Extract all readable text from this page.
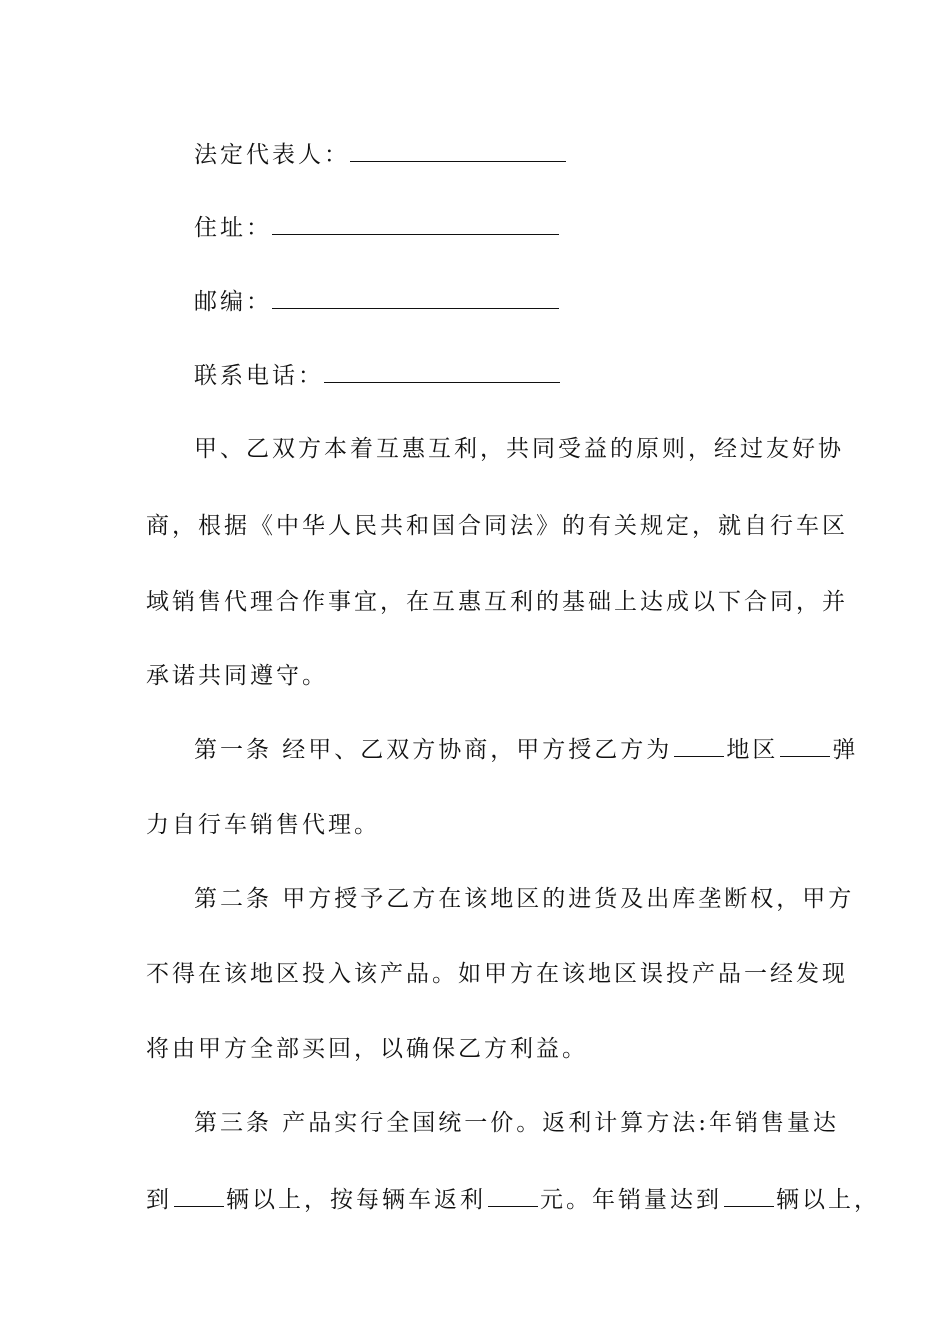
法定代表人：
住址：
邮编：
联系电话：
甲、乙双方本着互惠互利，共同受益的原则，经过友好协
商，根据《中华人民共和国合同法》的有关规定，就自行车区
域销售代理合作事宜，在互惠互利的基础上达成以下合同，并
承诺共同遵守。
第一条 经甲、乙双方协商，甲方授乙方为 地区 弹
力自行车销售代理。
第二条 甲方授予乙方在该地区的进货及出库垄断权，甲方
不得在该地区投入该产品。如甲方在该地区误投产品一经发现
将由甲方全部买回，以确保乙方利益。
第三条 产品实行全国统一价。返利计算方法:年销售量达
到 辆以上，按每辆车返利 元。年销量达到 辆以上，
